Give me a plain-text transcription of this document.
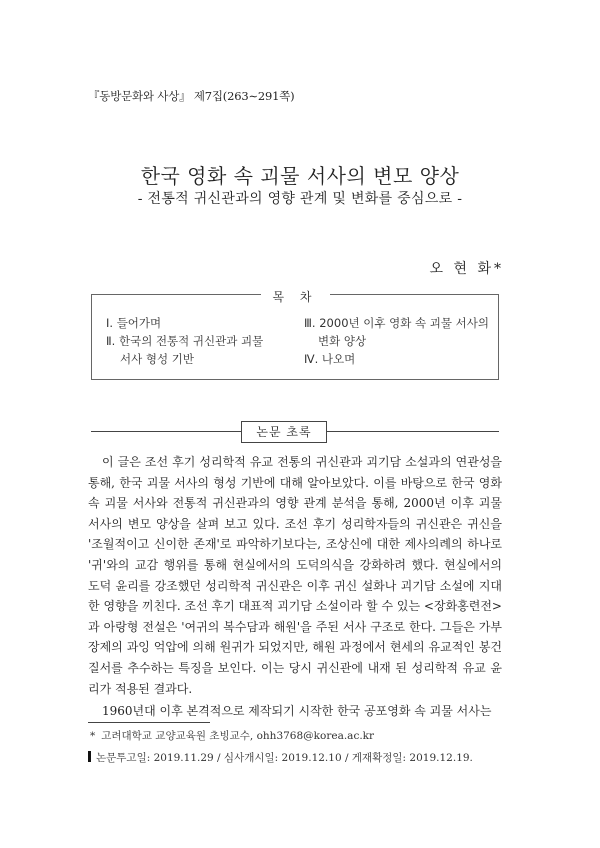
『동방문화와 사상』 제7집(263∼291쪽)
한국 영화 속 괴물 서사의 변모 양상
- 전통적 귀신관과의 영향 관계 및 변화를 중심으로 -
오 현 화*
목 차
Ⅰ. 들어가며
Ⅱ. 한국의 전통적 귀신관과 괴물
서사 형성 기반
Ⅲ. 2000년 이후 영화 속 괴물 서사의
변화 양상
Ⅳ. 나오며
논문 초록

이 글은 조선 후기 성리학적 유교 전통의 귀신관과 괴기담 소설과의 연관성을 통해, 한국 괴물 서사의 형성 기반에 대해 알아보았다. 이를 바탕으로 한국 영화 속 괴물 서사와 전통적 귀신관과의 영향 관계 분석을 통해, 2000년 이후 괴물 서사의 변모 양상을 살펴 보고 있다. 조선 후기 성리학자들의 귀신관은 귀신을 '조월적이고 신이한 존재'로 파악하기보다는, 조상신에 대한 제사의례의 하나로 '귀'와의 교감 행위를 통해 현실에서의 도덕의식을 강화하려 했다. 현실에서의 도덕 윤리를 강조했던 성리학적 귀신관은 이후 귀신 설화나 괴기담 소설에 지대한 영향을 끼친다. 조선 후기 대표적 괴기담 소설이라 할 수 있는 <장화홍련전>과 아랑형 전설은 '여귀의 복수담과 해원'을 주된 서사 구조로 한다. 그들은 가부장제의 과잉 억압에 의해 원귀가 되었지만, 해원 과정에서 현세의 유교적인 봉건 질서를 추수하는 특징을 보인다. 이는 당시 귀신관에 내재 된 성리학적 유교 윤리가 적용된 결과다.

1960년대 이후 본격적으로 제작되기 시작한 한국 공포영화 속 괴물 서사는

* 고려대학교 교양교육원 초빙교수, ohh3768@korea.ac.kr
논문투고일: 2019.11.29 / 심사개시일: 2019.12.10 / 게재확정일: 2019.12.19.
